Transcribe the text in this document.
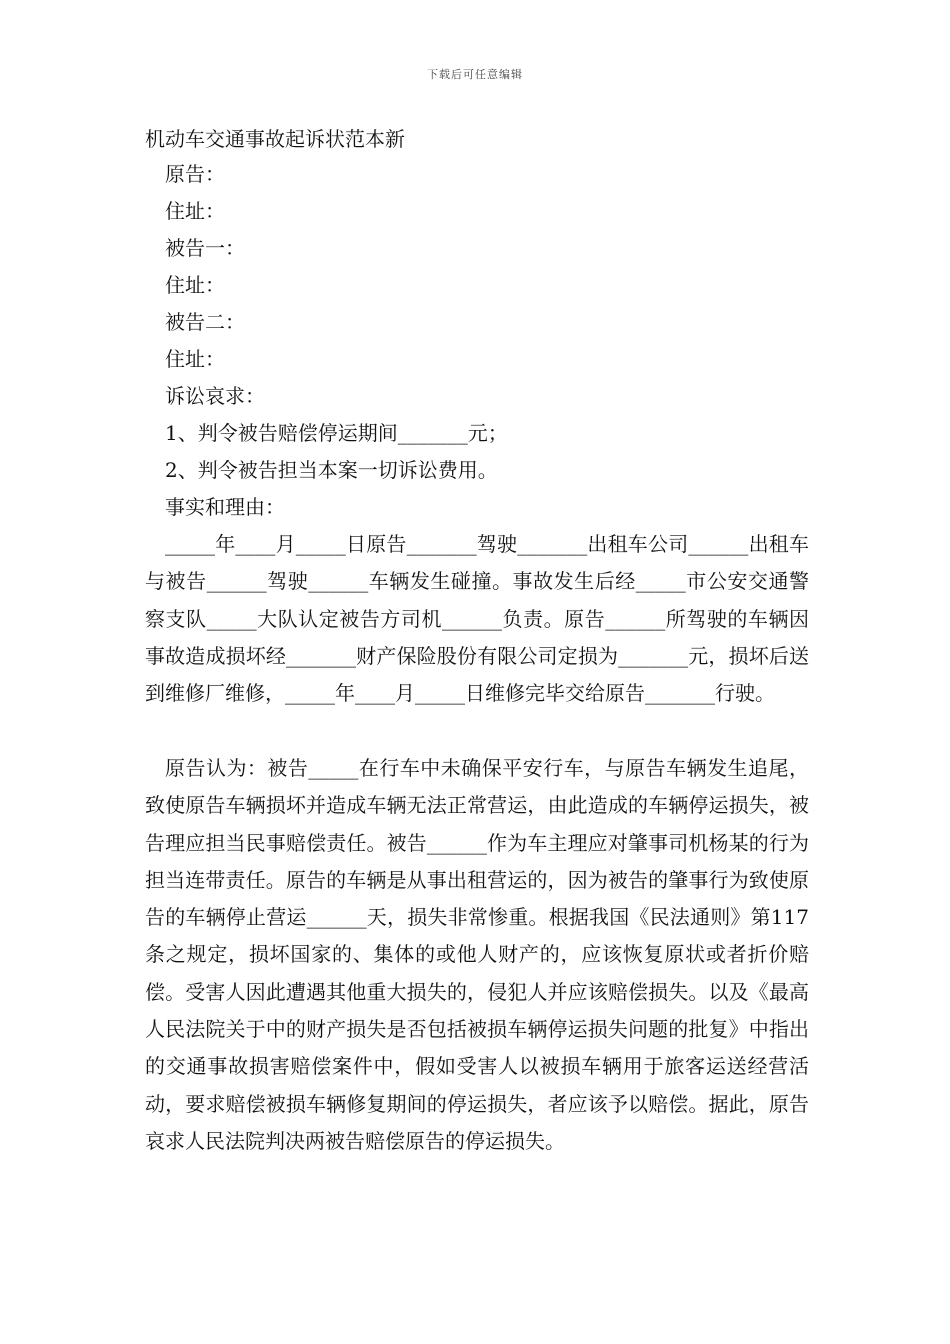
下载后可任意编辑
机动车交通事故起诉状范本新
原告：
住址：
被告一：
住址：
被告二：
住址：
诉讼哀求：
1、判令被告赔偿停运期间_______元；
2、判令被告担当本案一切诉讼费用。
事实和理由：

_____年____月_____日原告_______驾驶_______出租车公司______出租车与被告______驾驶______车辆发生碰撞。事故发生后经_____市公安交通警察支队_____大队认定被告方司机______负责。原告______所驾驶的车辆因事故造成损坏经_______财产保险股份有限公司定损为_______元，损坏后送到维修厂维修，_____年____月_____日维修完毕交给原告_______行驶。

原告认为：被告_____在行车中未确保平安行车，与原告车辆发生追尾，致使原告车辆损坏并造成车辆无法正常营运，由此造成的车辆停运损失，被告理应担当民事赔偿责任。被告______作为车主理应对肇事司机杨某的行为担当连带责任。原告的车辆是从事出租营运的，因为被告的肇事行为致使原告的车辆停止营运______天，损失非常惨重。根据我国《民法通则》第117条之规定，损坏国家的、集体的或他人财产的，应该恢复原状或者折价赔偿。受害人因此遭遇其他重大损失的，侵犯人并应该赔偿损失。以及《最高人民法院关于中的财产损失是否包括被损车辆停运损失问题的批复》中指出的交通事故损害赔偿案件中，假如受害人以被损车辆用于旅客运送经营活动，要求赔偿被损车辆修复期间的停运损失，者应该予以赔偿。据此，原告哀求人民法院判决两被告赔偿原告的停运损失。
